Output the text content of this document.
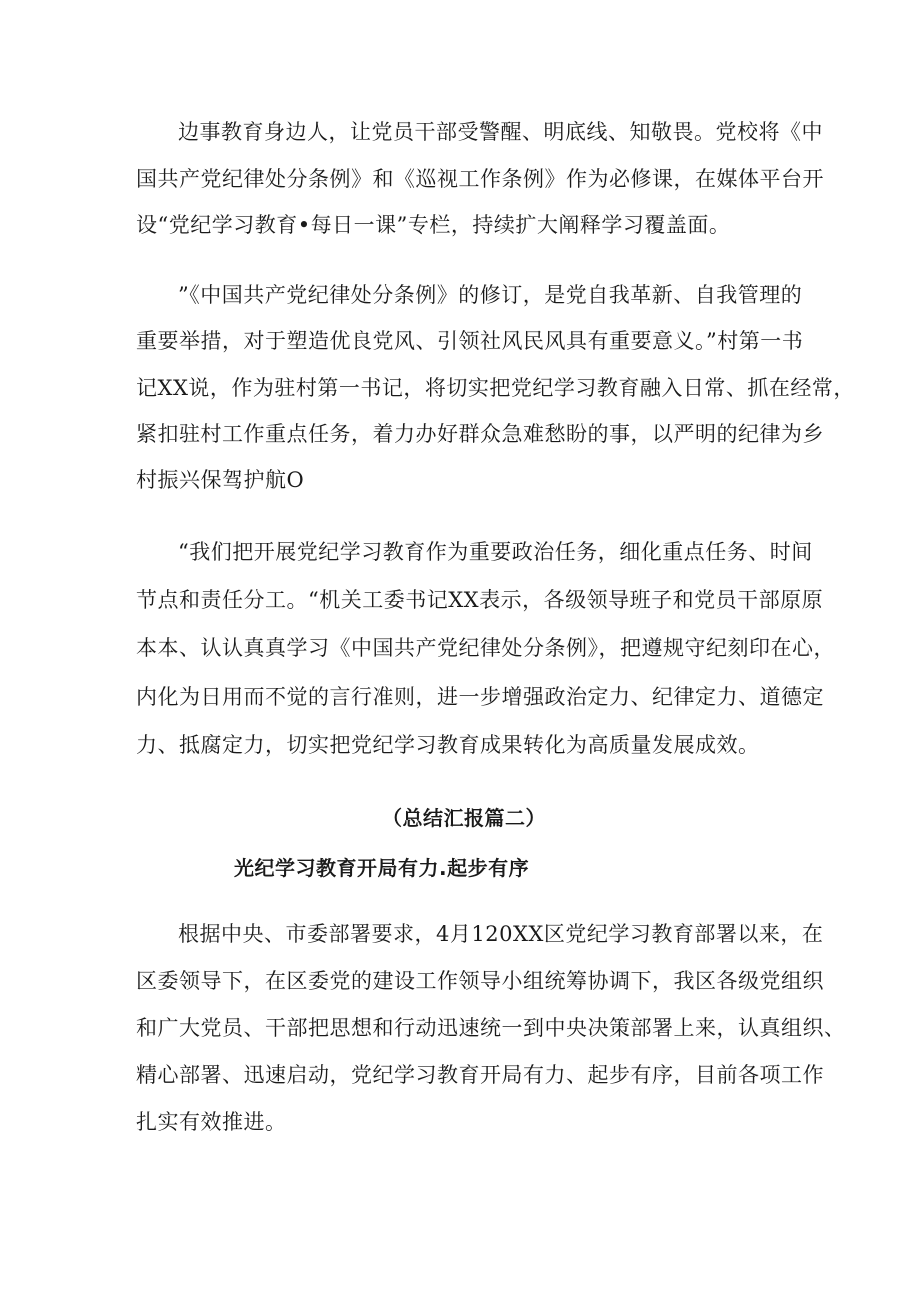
边事教育身边人，让党员干部受警醒、明底线、知敬畏。党校将《中
国共产党纪律处分条例》和《巡视工作条例》作为必修课，在媒体平台开
设“党纪学习教育•每日一课”专栏，持续扩大阐释学习覆盖面。
”《中国共产党纪律处分条例》的修订，是党自我革新、自我管理的
重要举措，对于塑造优良党风、引领社风民风具有重要意义。”村第一书
记XX说，作为驻村第一书记，将切实把党纪学习教育融入日常、抓在经常，
紧扣驻村工作重点任务，着力办好群众急难愁盼的事，以严明的纪律为乡
村振兴保驾护航O
“我们把开展党纪学习教育作为重要政治任务，细化重点任务、时间
节点和责任分工。“机关工委书记XX表示，各级领导班子和党员干部原原
本本、认认真真学习《中国共产党纪律处分条例》，把遵规守纪刻印在心，
内化为日用而不觉的言行准则，进一步增强政治定力、纪律定力、道德定
力、抵腐定力，切实把党纪学习教育成果转化为高质量发展成效。
（总结汇报篇二）
光纪学习教育开局有力.起步有序
根据中央、市委部署要求，4月120XX区党纪学习教育部署以来，在
区委领导下，在区委党的建设工作领导小组统筹协调下，我区各级党组织
和广大党员、干部把思想和行动迅速统一到中央决策部署上来，认真组织、
精心部署、迅速启动，党纪学习教育开局有力、起步有序，目前各项工作
扎实有效推进。
